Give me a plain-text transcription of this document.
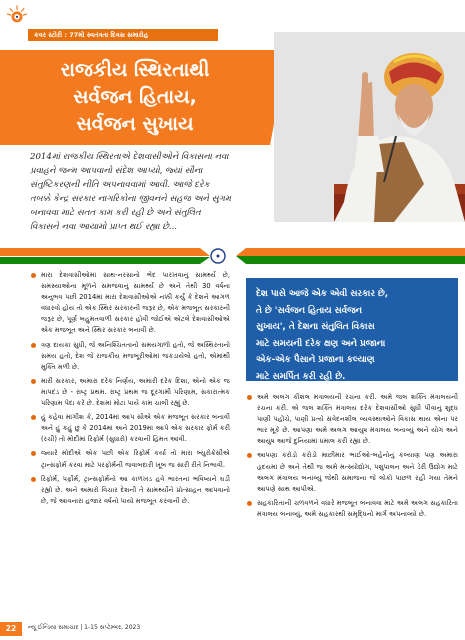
કવર સ્ટોરી : 77મો સ્વતંત્રતા દિવસ સમારોહ
રાજકીય સ્થિરતાથી
સર્વજન હિતાય,
સર્વજન સુખાય
2014માં રાજકીય સ્થિરતાએ દેશવાસીઓને વિકાસના નવા
પ્રવાહને જન્મ આપવાનો સંદેશ આપ્યો, જ્યાં સૌના
સંતુષ્ટિકરણની નીતિ અપનાવવામાં આવી. આજે દરેક
તબક્કે કેન્દ્ર સરકાર નાગરિકોના જીવનને સહજ અને સુગમ
બનાવવા માટે સતત કામ કરી રહી છે અને સંતુલિત
વિકાસને નવા આયામો પ્રાપ્ત થઈ રહ્યા છે...
મારા દેશવાસીઓમાં સાથ-નરસાનો ભેદ પારખવાનું સામર્થ્ય છે, સમસ્યાઓના મૂળને સમજવાનું સામર્થ્ય છે અને તેથી 30 વર્ષના અનુભવ પછી 2014માં મારા દેશવાસીઓએ નક્કી કર્યું કે દેશને આગળ વધારવો હોય તો એક સ્થિર સરકારની જરૂર છે, એક મજબૂત સરકારની જરૂર છે, પૂર્ણ બહુમતવાળી સરકાર હોવી જોઈએ એટલે દેશવાસીઓએ એક મજબૂત અને સ્થિર સરકાર બનાવી છે.
ત્રણ દાયકા સુધી, જે અનિશ્ચિતતાનો સમયગાળો હતો, જે અસ્થિરતાનો સમય હતો, દેશ જે રાજકીય મજબૂરીઓમાં જકડાયેલો હતો, એમાંથી મુક્તિ મળી છે.
મારી સરકાર, અમારા દરેક નિર્ણય, અમારી દરેક દિશા, એનો એક જ માપદંડ છે - રાષ્ટ્ર પ્રથમ. રાષ્ટ્ર પ્રથમ જ દૂરગામી પરિણામ, સકારાત્મક પરિણામ પેદા કરે છે. દેશમાં મોટા પાયે કામ ચાલી રહ્યું છે.
હું કહેવા માંગીશ કે, 2014માં આપ સૌએ એક મજબૂત સરકાર બનાવી અને હું કહું છું કે 2014માં અને 2019માં આપે એક સરકાર ફોર્મ કરી (રચી) તો મોદીમાં રિફોર્મ (સુધારો) કરવાની હિંમત આવી.
જ્યારે મોદીએ એક પછી એક રિફોર્મ કર્યા તો મારા બ્યુરોક્રેસીએ ટ્રાન્સફોર્મ કરવા માટે પરફોર્મની જવાબદારી ખૂબ જ સારી રીતે નિભાવી.
રિફોર્મ, પર્ફોર્મ, ટ્રાન્સફોર્મનો આ કાળખંડ હવે ભારતનાં ભવિષ્યને ઘડી રહ્યો છે. અને અમારો વિચાર દેશની તે સામર્થ્યોને પ્રોત્સાહન આપવાનો છે, જે આવનારા હજાર વર્ષનો પાયો મજબૂત કરવાની છે.
દેશ પાસે આજે એક એવી સરકાર છે,
તે છે 'સર્વજન હિતાય સર્વજન
સુખાય', તે દેશના સંતુલિત વિકાસ
માટે સમયની દરેક ક્ષણ અને પ્રજાના
એક-એક પૈસાને પ્રજાના કલ્યાણ
માટે સમર્પિત કરી રહી છે.
અમે અલગ કૌશલ મંત્રાલયની રચના કરી. અમે જલ શક્તિ મંત્રાલયની રચના કરી. એ જલ શક્તિ મંત્રાલય દરેક દેશવાસીઓ સુધી પીવાનું શુદ્ધ પાણી પહોંચે, પાણી પ્રત્યે સંવેદનશીલ વ્યવસ્થાઓને વિકાસ થાય એના પર ભાર મૂકે છે. આપણા અમે અલગ આયુષ મંત્રાલય બનાવ્યું અને યોગ અને આયુષ આજે દુનિયામાં ધમાલ કરી રહ્યા છે.
આપણા કરોડો કરોડો માછીમાર ભાઈઓ-બહેનોનું કલ્યાણ પણ અમારા હૃદયમાં છે અને તેથી જ અમે મત્સ્યોદ્યોગ, પશુપાલન અને ડેરી ઉદ્યોગ માટે અલગ મંત્રાલય બનાવ્યું જેથી સમાજના જે લોકો પાછળ રહી ગયા તેમને આપણે સાથ આપીએ.
સહકારિતાની ચળવળને વધારે મજબૂત બનાવવા માટે અમે અલગ સહકારિતા મંત્રાલય બનાવ્યું, અમે સહકારથી સમૃદ્ધિનો માર્ગ અપનાવ્યો છે.
22	ન્યૂ ઈન્ડિયા સમાચાર | 1-15 સપ્ટેમ્બર, 2023
